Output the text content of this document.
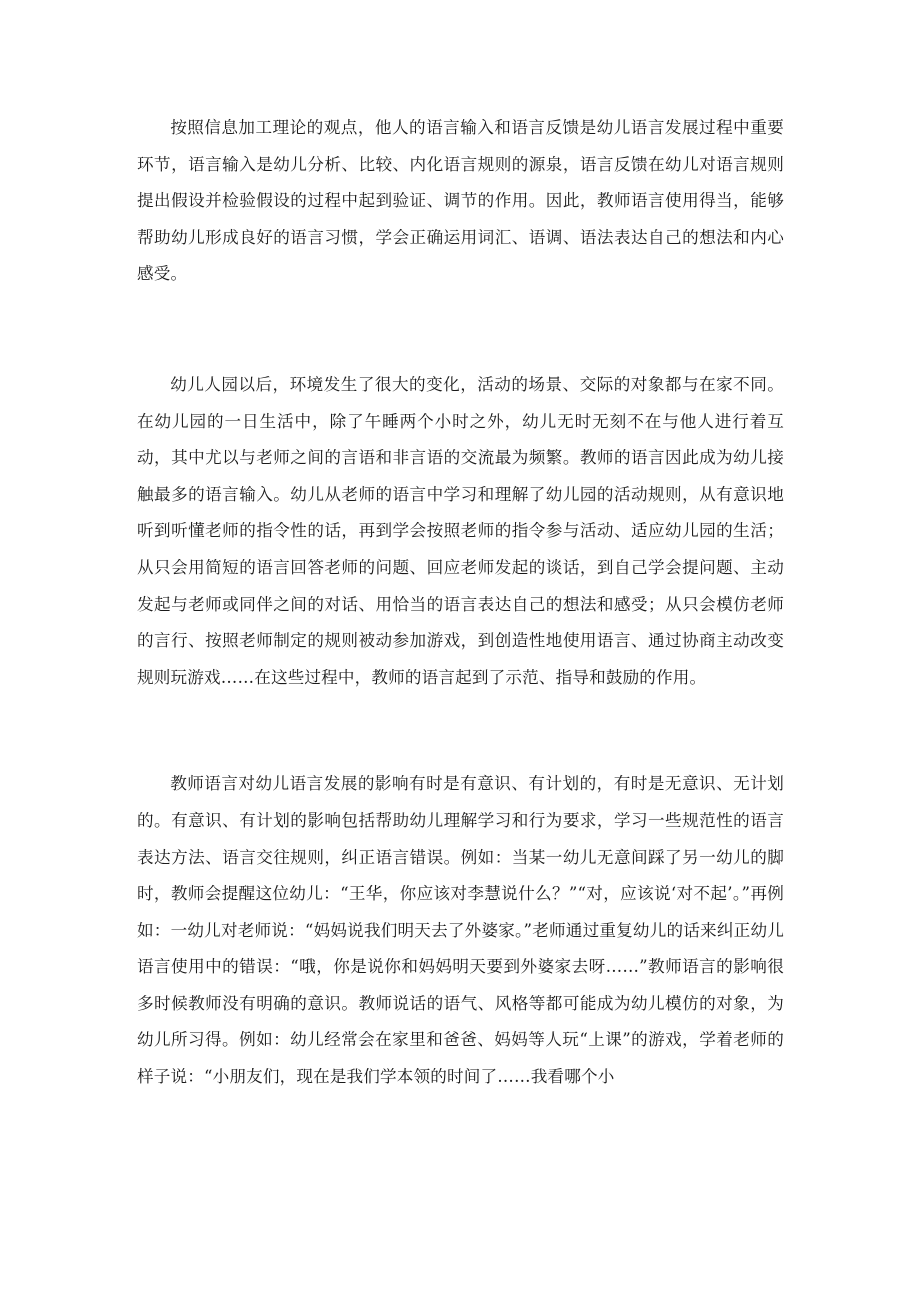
按照信息加工理论的观点，他人的语言输入和语言反馈是幼儿语言发展过程中重要环节，语言输入是幼儿分析、比较、内化语言规则的源泉，语言反馈在幼儿对语言规则提出假设并检验假设的过程中起到验证、调节的作用。因此，教师语言使用得当，能够帮助幼儿形成良好的语言习惯，学会正确运用词汇、语调、语法表达自己的想法和内心感受。

幼儿人园以后，环境发生了很大的变化，活动的场景、交际的对象都与在家不同。在幼儿园的一日生活中，除了午睡两个小时之外，幼儿无时无刻不在与他人进行着互动，其中尤以与老师之间的言语和非言语的交流最为频繁。教师的语言因此成为幼儿接触最多的语言输入。幼儿从老师的语言中学习和理解了幼儿园的活动规则，从有意识地听到听懂老师的指令性的话，再到学会按照老师的指令参与活动、适应幼儿园的生活；从只会用简短的语言回答老师的问题、回应老师发起的谈话，到自己学会提问题、主动发起与老师或同伴之间的对话、用恰当的语言表达自己的想法和感受；从只会模仿老师的言行、按照老师制定的规则被动参加游戏，到创造性地使用语言、通过协商主动改变规则玩游戏……在这些过程中，教师的语言起到了示范、指导和鼓励的作用。

教师语言对幼儿语言发展的影响有时是有意识、有计划的，有时是无意识、无计划的。有意识、有计划的影响包括帮助幼儿理解学习和行为要求，学习一些规范性的语言表达方法、语言交往规则，纠正语言错误。例如：当某一幼儿无意间踩了另一幼儿的脚时，教师会提醒这位幼儿：“王华，你应该对李慧说什么？”“对，应该说‘对不起’。”再例如：一幼儿对老师说：“妈妈说我们明天去了外婆家。”老师通过重复幼儿的话来纠正幼儿语言使用中的错误：“哦，你是说你和妈妈明天要到外婆家去呀……”教师语言的影响很多时候教师没有明确的意识。教师说话的语气、风格等都可能成为幼儿模仿的对象，为幼儿所习得。例如：幼儿经常会在家里和爸爸、妈妈等人玩“上课”的游戏，学着老师的样子说：“小朋友们，现在是我们学本领的时间了……我看哪个小
